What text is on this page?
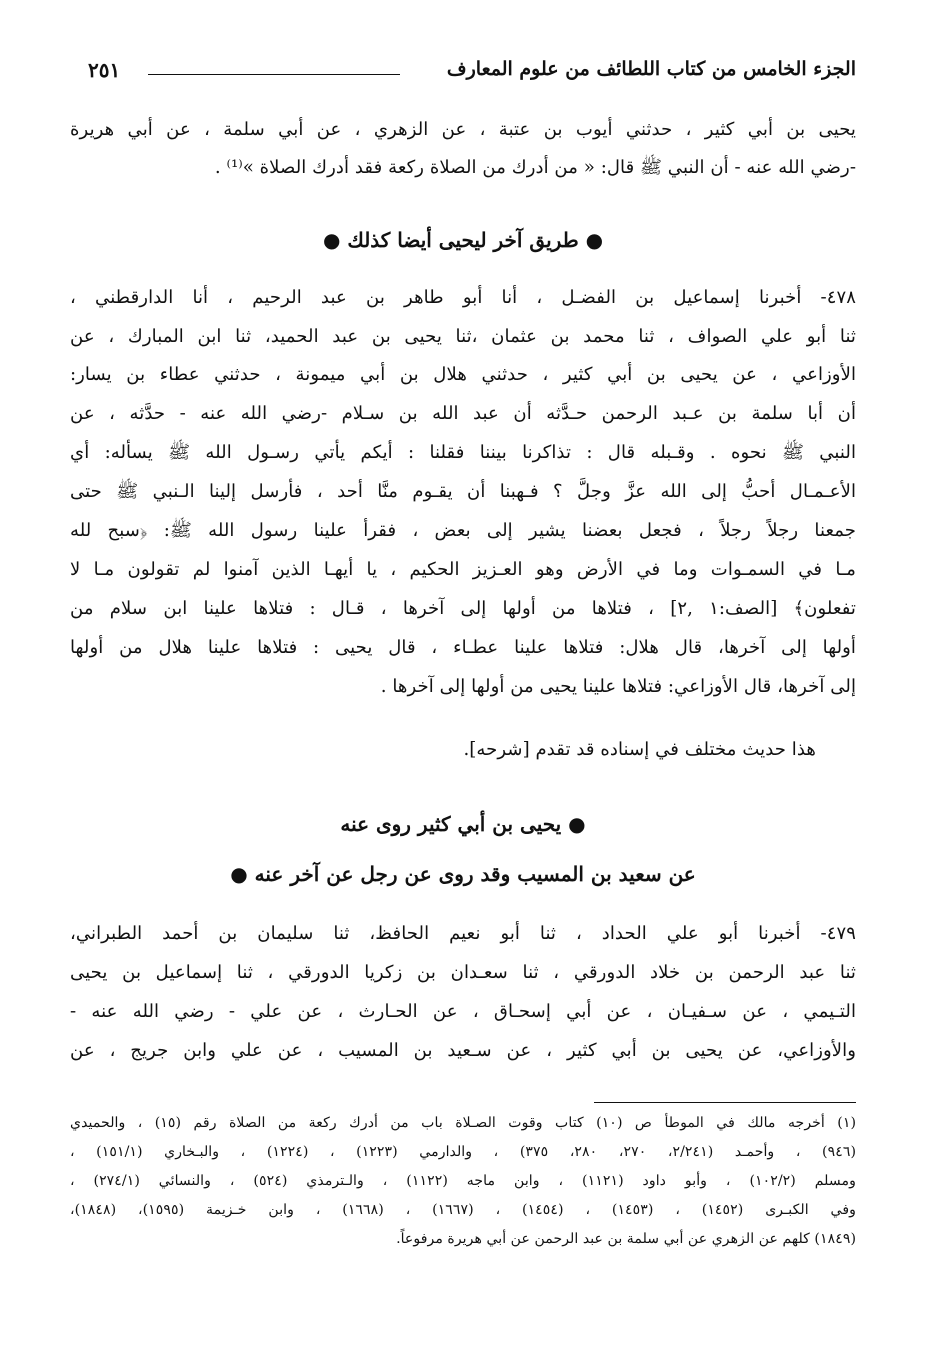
الجزء الخامس من كتاب اللطائف من علوم المعارف
٢٥١
يحيى بن أبي كثير ، حدثني أيوب بن عتبة ، عن الزهري ، عن أبي سلمة ، عن أبي هريرة
-رضي الله عنه - أن النبي ﷺ قال: « من أدرك من الصلاة ركعة فقد أدرك الصلاة »⁽¹⁾ .
● طريق آخر ليحيى أيضا كذلك ●
٤٧٨- أخبرنا إسماعيل بن الفضـل ، أنا أبو طاهر بن عبد الرحيم ، أنا الدارقطني ،
ثنا أبو علي الصواف ، ثنا محمد بن عثمان ،ثنا يحيى بن عبد الحميد، ثنا ابن المبارك ، عن
الأوزاعي ، عن يحيى بن أبي كثير ، حدثني هلال بن أبي ميمونة ، حدثني عطاء بن يسار:
أن أبا سلمة بن عـبد الرحمن حـدَّثه أن عبد الله بن سـلام -رضي الله عنه - حدَّثه ، عن
النبي ﷺ نحوه . وقـبله قال : تذاكرنا بيننا فقلنا : أيكم يأتي رسـول الله ﷺ يسأله: أي
الأعـمـال أحبُّ إلى الله عزَّ وجلَّ ؟ فـهبنا أن يقـوم منَّا أحد ، فأرسل إلينا الـنبي ﷺ حتى
جمعنا رجلاً رجلاً ، فجعل بعضنا يشير إلى بعض ، فقرأ علينا رسول الله ﷺ: ﴿سبح لله
مـا في السمـوات وما في الأرض وهو العـزيز الحكيم ، يا أيهـا الذين آمنوا لم تقولون مـا لا
تفعلون﴾ [الصف:١ ,٢] ، فتلاها من أولها إلى آخرها ، قـال : فتلاها علينا ابن سلام من
أولها إلى آخرها، قال هلال: فتلاها علينا عطـاء ، قال يحيى : فتلاها علينا هلال من أولها
إلى آخرها، قال الأوزاعي: فتلاها علينا يحيى من أولها إلى آخرها .
هذا حديث مختلف في إسناده قد تقدم [شرحه].
● يحيى بن أبي كثير روى عنه
عن سعيد بن المسيب وقد روى عن رجل عن آخر عنه ●
٤٧٩- أخبرنا أبو علي الحداد ، ثنا أبو نعيم الحافظ، ثنا سليمان بن أحمد الطبراني،
ثنا عبد الرحمن بن خلاد الدورقي ، ثنا سعـدان بن زكريا الدورقي ، ثنا إسماعيل بن يحيى
التـيمي ، عن سـفيـان ، عن أبي إسحـاق ، عن الحـارث ، عن علي - رضي الله عنه -
والأوزاعي، عن يحيى بن أبي كثير ، عن سـعيد بن المسيب ، عن علي وابن جريج ، عن
(١) أخرجه مالك في الموطأ ص (١٠) كتاب وقوت الصـلاة باب من أدرك ركعة من الصلاة رقم (١٥) ، والحميدي
(٩٤٦) ، وأحمـد (٢/٢٤١، ٢٧٠، ٢٨٠، ٣٧٥) ، والدارمي (١٢٢٣) ، (١٢٢٤) ، والبـخاري (١٥١/١) ،
ومسلم (١٠٢/٢) ، وأبو داود (١١٢١) ، وابن ماجه (١١٢٢) ، والـترمذي (٥٢٤) ، والنسائي (٢٧٤/١) ،
وفي الكبـرى (١٤٥٢) ، (١٤٥٣) ، (١٤٥٤) ، (١٦٦٧) ، (١٦٦٨) ، وابن خـزيمة (١٥٩٥)، (١٨٤٨)،
(١٨٤٩) كلهم عن الزهري عن أبي سلمة بن عبد الرحمن عن أبي هريرة مرفوعاً.
